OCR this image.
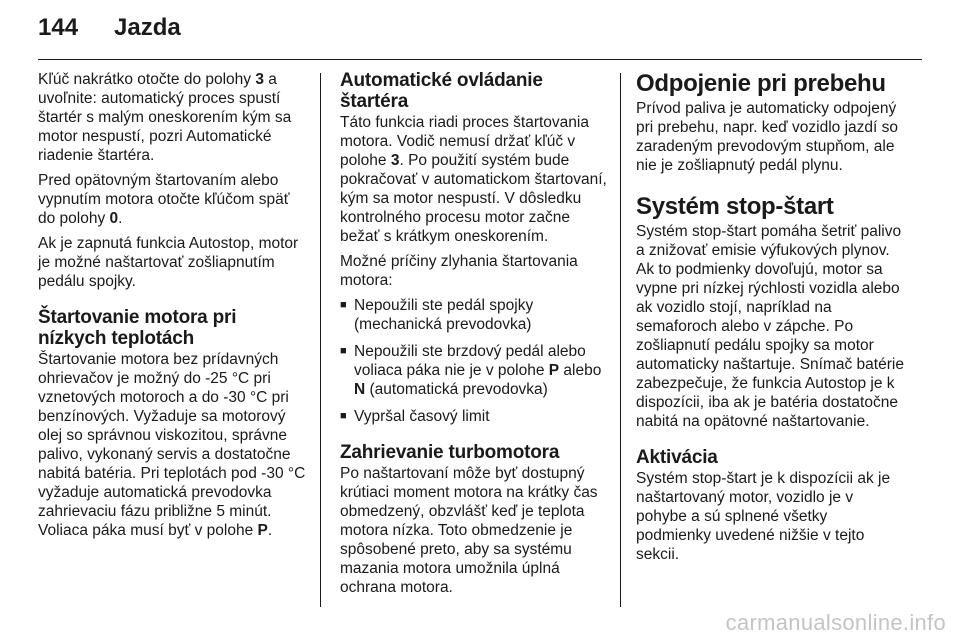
144	Jazda

Kľúč nakrátko otočte do polohy 3 a uvoľnite: automatický proces spustí štartér s malým oneskorením kým sa motor nespustí, pozri Automatické riadenie štartéra.

Pred opätovným štartovaním alebo vypnutím motora otočte kľúčom späť do polohy 0.

Ak je zapnutá funkcia Autostop, motor je možné naštartovať zošliapnutím pedálu spojky.

Štartovanie motora pri nízkych teplotách

Štartovanie motora bez prídavných ohrievačov je možný do -25 °C pri vznetových motoroch a do -30 °C pri benzínových. Vyžaduje sa motorový olej so správnou viskozitou, správne palivo, vykonaný servis a dostatočne nabitá batéria. Pri teplotách pod -30 °C vyžaduje automatická prevodovka zahrievaciu fázu približne 5 minút. Voliaca páka musí byť v polohe P.

Automatické ovládanie štartéra

Táto funkcia riadi proces štartovania motora. Vodič nemusí držať kľúč v polohe 3. Po použití systém bude pokračovať v automatickom štartovaní, kým sa motor nespustí. V dôsledku kontrolného procesu motor začne bežať s krátkym oneskorením.

Možné príčiny zlyhania štartovania motora:

■ Nepoužili ste pedál spojky (mechanická prevodovka)
■ Nepoužili ste brzdový pedál alebo voliaca páka nie je v polohe P alebo N (automatická prevodovka)
■ Vypršal časový limit
Zahrievanie turbomotora

Po naštartovaní môže byť dostupný krútiaci moment motora na krátky čas obmedzený, obzvlášť keď je teplota motora nízka. Toto obmedzenie je spôsobené preto, aby sa systému mazania motora umožnila úplná ochrana motora.

Odpojenie pri prebehu

Prívod paliva je automaticky odpojený pri prebehu, napr. keď vozidlo jazdí so zaradeným prevodovým stupňom, ale nie je zošliapnutý pedál plynu.

Systém stop-štart

Systém stop-štart pomáha šetriť palivo a znižovať emisie výfukových plynov. Ak to podmienky dovoľujú, motor sa vypne pri nízkej rýchlosti vozidla alebo ak vozidlo stojí, napríklad na semaforoch alebo v zápche. Po zošliapnutí pedálu spojky sa motor automaticky naštartuje. Snímač batérie zabezpečuje, že funkcia Autostop je k dispozícii, iba ak je batéria dostatočne nabitá na opätovné naštartovanie.

Aktivácia

Systém stop-štart je k dispozícii ak je naštartovaný motor, vozidlo je v pohybe a sú splnené všetky podmienky uvedené nižšie v tejto sekcii.

carmanualsonline.info
